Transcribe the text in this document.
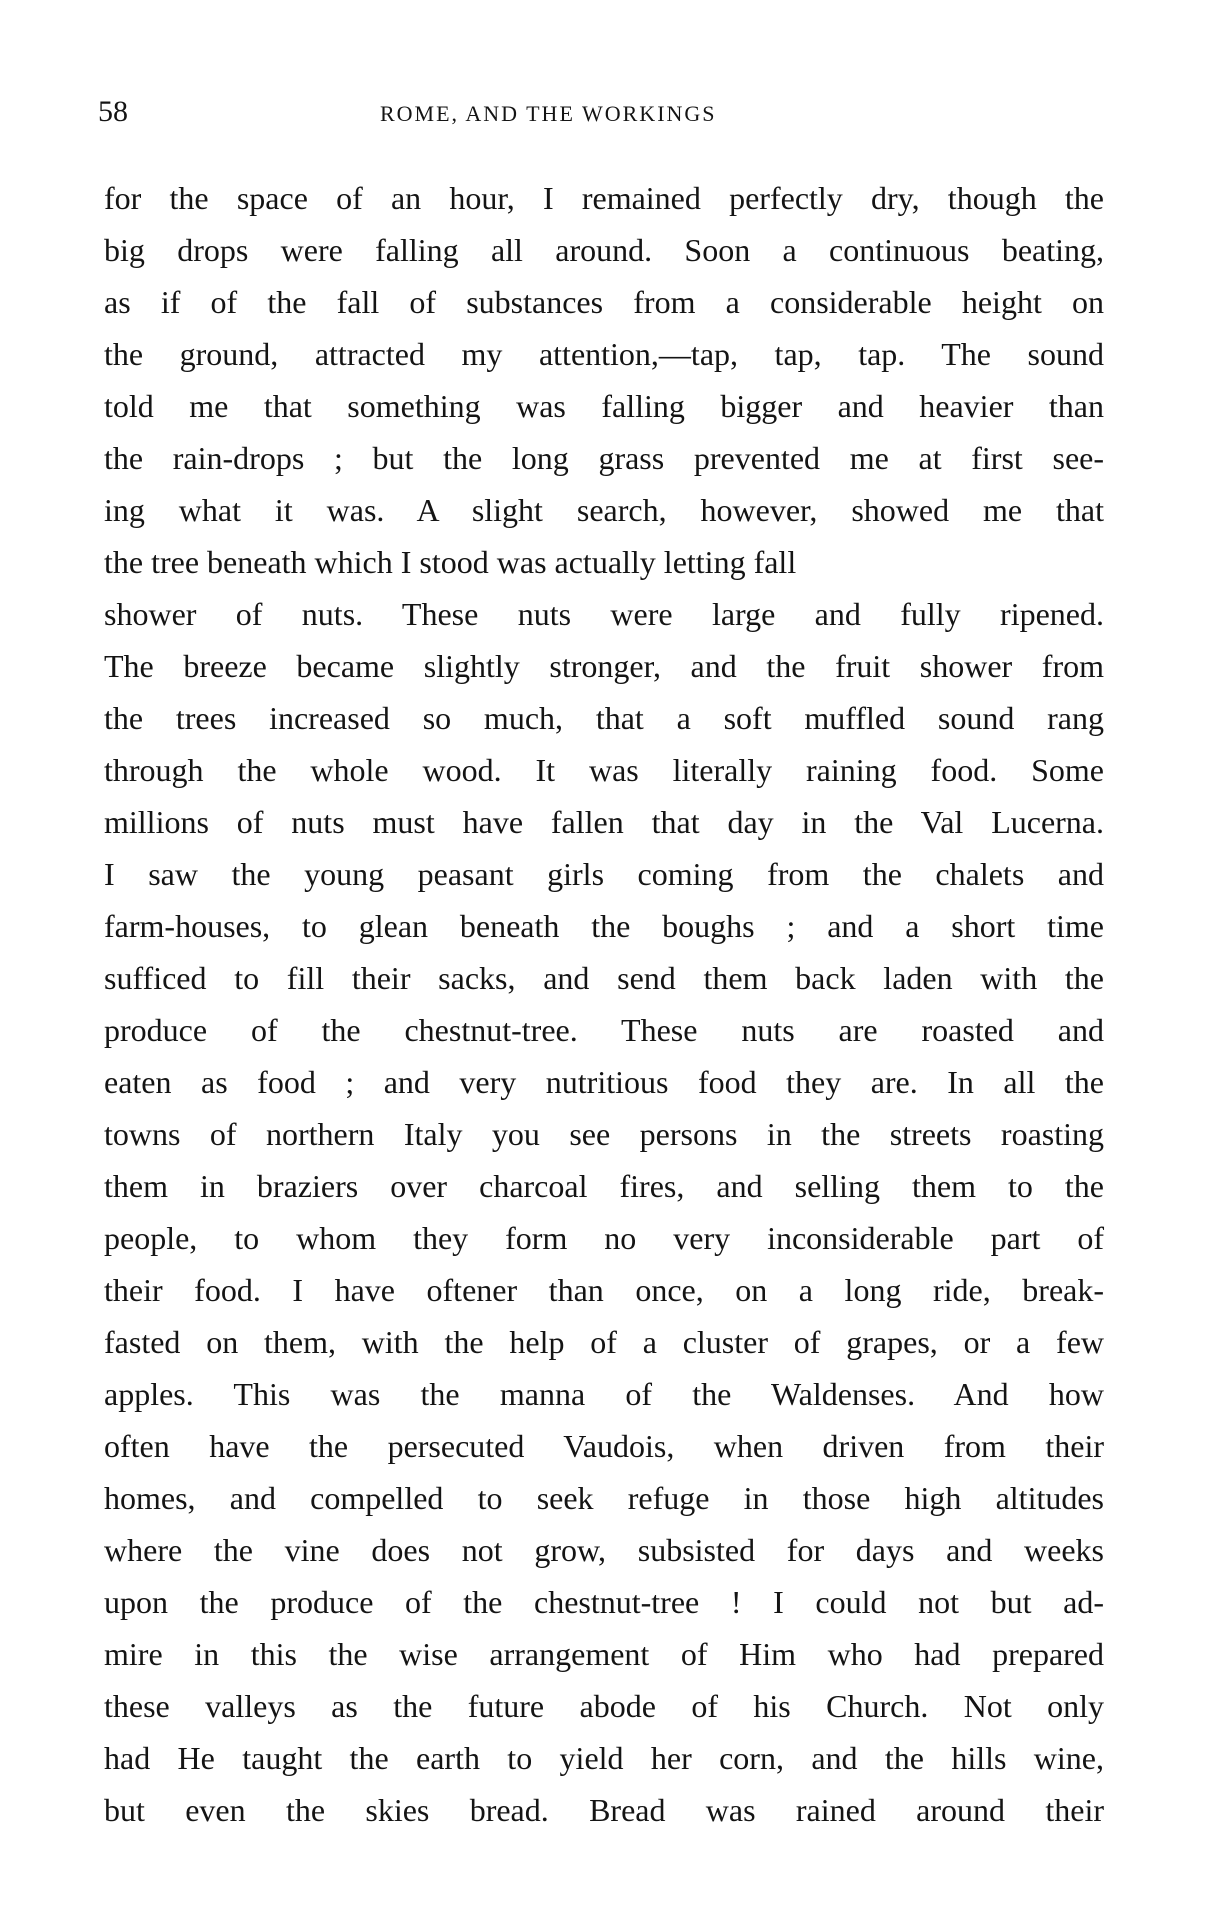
58	ROME, AND THE WORKINGS
for the space of an hour, I remained perfectly dry, though the
big drops were falling all around. Soon a continuous beating,
as if of the fall of substances from a considerable height on
the ground, attracted my attention,—tap, tap, tap. The sound
told me that something was falling bigger and heavier than
the rain-drops ; but the long grass prevented me at first see-
ing what it was. A slight search, however, showed me that
the tree beneath which I stood was actually letting fall
shower of nuts. These nuts were large and fully ripened.
The breeze became slightly stronger, and the fruit shower from
the trees increased so much, that a soft muffled sound rang
through the whole wood. It was literally raining food. Some
millions of nuts must have fallen that day in the Val Lucerna.
I saw the young peasant girls coming from the chalets and
farm-houses, to glean beneath the boughs ; and a short time
sufficed to fill their sacks, and send them back laden with the
produce of the chestnut-tree. These nuts are roasted and
eaten as food ; and very nutritious food they are. In all the
towns of northern Italy you see persons in the streets roasting
them in braziers over charcoal fires, and selling them to the
people, to whom they form no very inconsiderable part of
their food. I have oftener than once, on a long ride, break-
fasted on them, with the help of a cluster of grapes, or a few
apples. This was the manna of the Waldenses. And how
often have the persecuted Vaudois, when driven from their
homes, and compelled to seek refuge in those high altitudes
where the vine does not grow, subsisted for days and weeks
upon the produce of the chestnut-tree ! I could not but ad-
mire in this the wise arrangement of Him who had prepared
these valleys as the future abode of his Church. Not only
had He taught the earth to yield her corn, and the hills wine,
but even the skies bread. Bread was rained around their
